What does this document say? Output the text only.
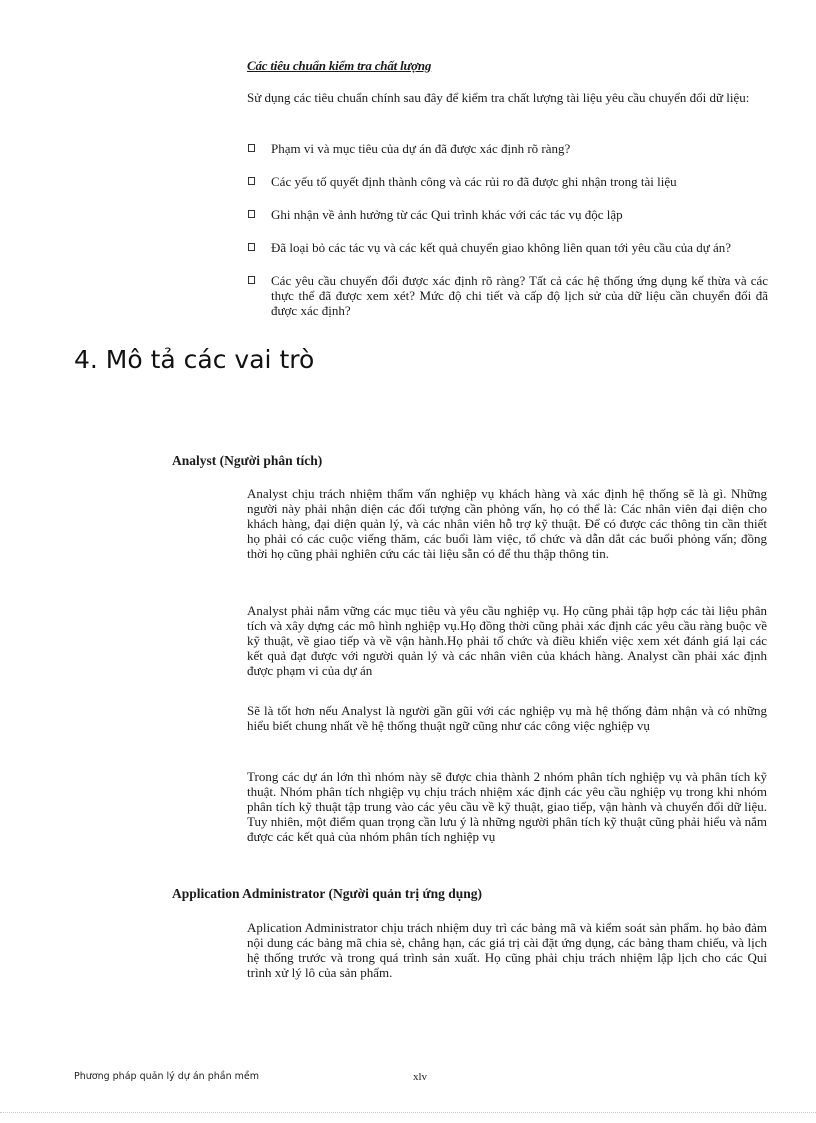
Các tiêu chuẩn kiểm tra chất lượng

Sử dụng các tiêu chuẩn chính sau đây để kiểm tra chất lượng tài liệu yêu cầu chuyển đổi dữ liệu:

Phạm vi và mục tiêu của dự án đã được xác định rõ ràng?
Các yếu tố quyết định thành công và các rủi ro đã được ghi nhận trong tài liệu
Ghi nhận về ảnh hưởng từ các Qui trình khác với các tác vụ độc lập
Đã loại bỏ các tác vụ và các kết quả chuyển giao không liên quan tới yêu cầu của dự án?
Các yêu cầu chuyển đổi được xác định rõ ràng? Tất cả các hệ thống ứng dụng kế thừa và các thực thể đã được xem xét? Mức độ chi tiết và cấp độ lịch sử của dữ liệu cần chuyển đổi đã được xác định?
4. Mô tả các vai trò
Analyst (Người phân tích)

Analyst chịu trách nhiệm thẩm vấn nghiệp vụ khách hàng và xác định hệ thống sẽ là gì. Những người này phải nhận diện các đối tượng cần phỏng vấn, họ có thể là: Các nhân viên đại diện cho khách hàng, đại diện quản lý, và các nhân viên hỗ trợ kỹ thuật. Để có được các thông tin cần thiết họ phải có các cuộc viếng thăm, các buổi làm việc, tổ chức và dẫn dắt các buổi phỏng vấn; đồng thời họ cũng phải nghiên cứu các tài liệu sẵn có để thu thập thông tin.

Analyst phải nắm vững các mục tiêu và yêu cầu nghiệp vụ. Họ cũng phải tập hợp các tài liệu phân tích và xây dựng các mô hình nghiệp vụ.Họ đồng thời cũng phải xác định các yêu cầu ràng buộc về kỹ thuật, về giao tiếp và về vận hành.Họ phải tổ chức và điều khiển việc xem xét đánh giá lại các kết quả đạt được với người quản lý và các nhân viên của khách hàng. Analyst cần phải xác định được phạm vi của dự án

Sẽ là tốt hơn nếu Analyst là người gần gũi với các nghiệp vụ mà hệ thống đảm nhận và có những hiểu biết chung nhất về hệ thống thuật ngữ cũng như các công việc nghiệp vụ

Trong các dự án lớn thì nhóm này sẽ được chia thành 2 nhóm phân tích nghiệp vụ và phân tích kỹ thuật. Nhóm phân tích nhgiệp vụ chịu trách nhiệm xác định các yêu cầu nghiệp vụ trong khi nhóm phân tích kỹ thuật tập trung vào các yêu cầu về kỹ thuật, giao tiếp, vận hành và chuyển đổi dữ liệu. Tuy nhiên, một điểm quan trọng cần lưu ý là những người phân tích kỹ thuật cũng phải hiểu và nắm được các kết quả của nhóm phân tích nghiệp vụ

Application Administrator (Người quản trị ứng dụng)

Aplication Administrator chịu trách nhiệm duy trì các bảng mã và kiểm soát sản phẩm. họ bảo đảm nội dung các bảng mã chia sẻ, chẳng hạn, các giá trị cài đặt ứng dụng, các bảng tham chiếu, và lịch hệ thống trước và trong quá trình sản xuất. Họ cũng phải chịu trách nhiệm lập lịch cho các Qui trình xử lý lô của sản phẩm.

Phương pháp quản lý dự án phần mềm	xlv
